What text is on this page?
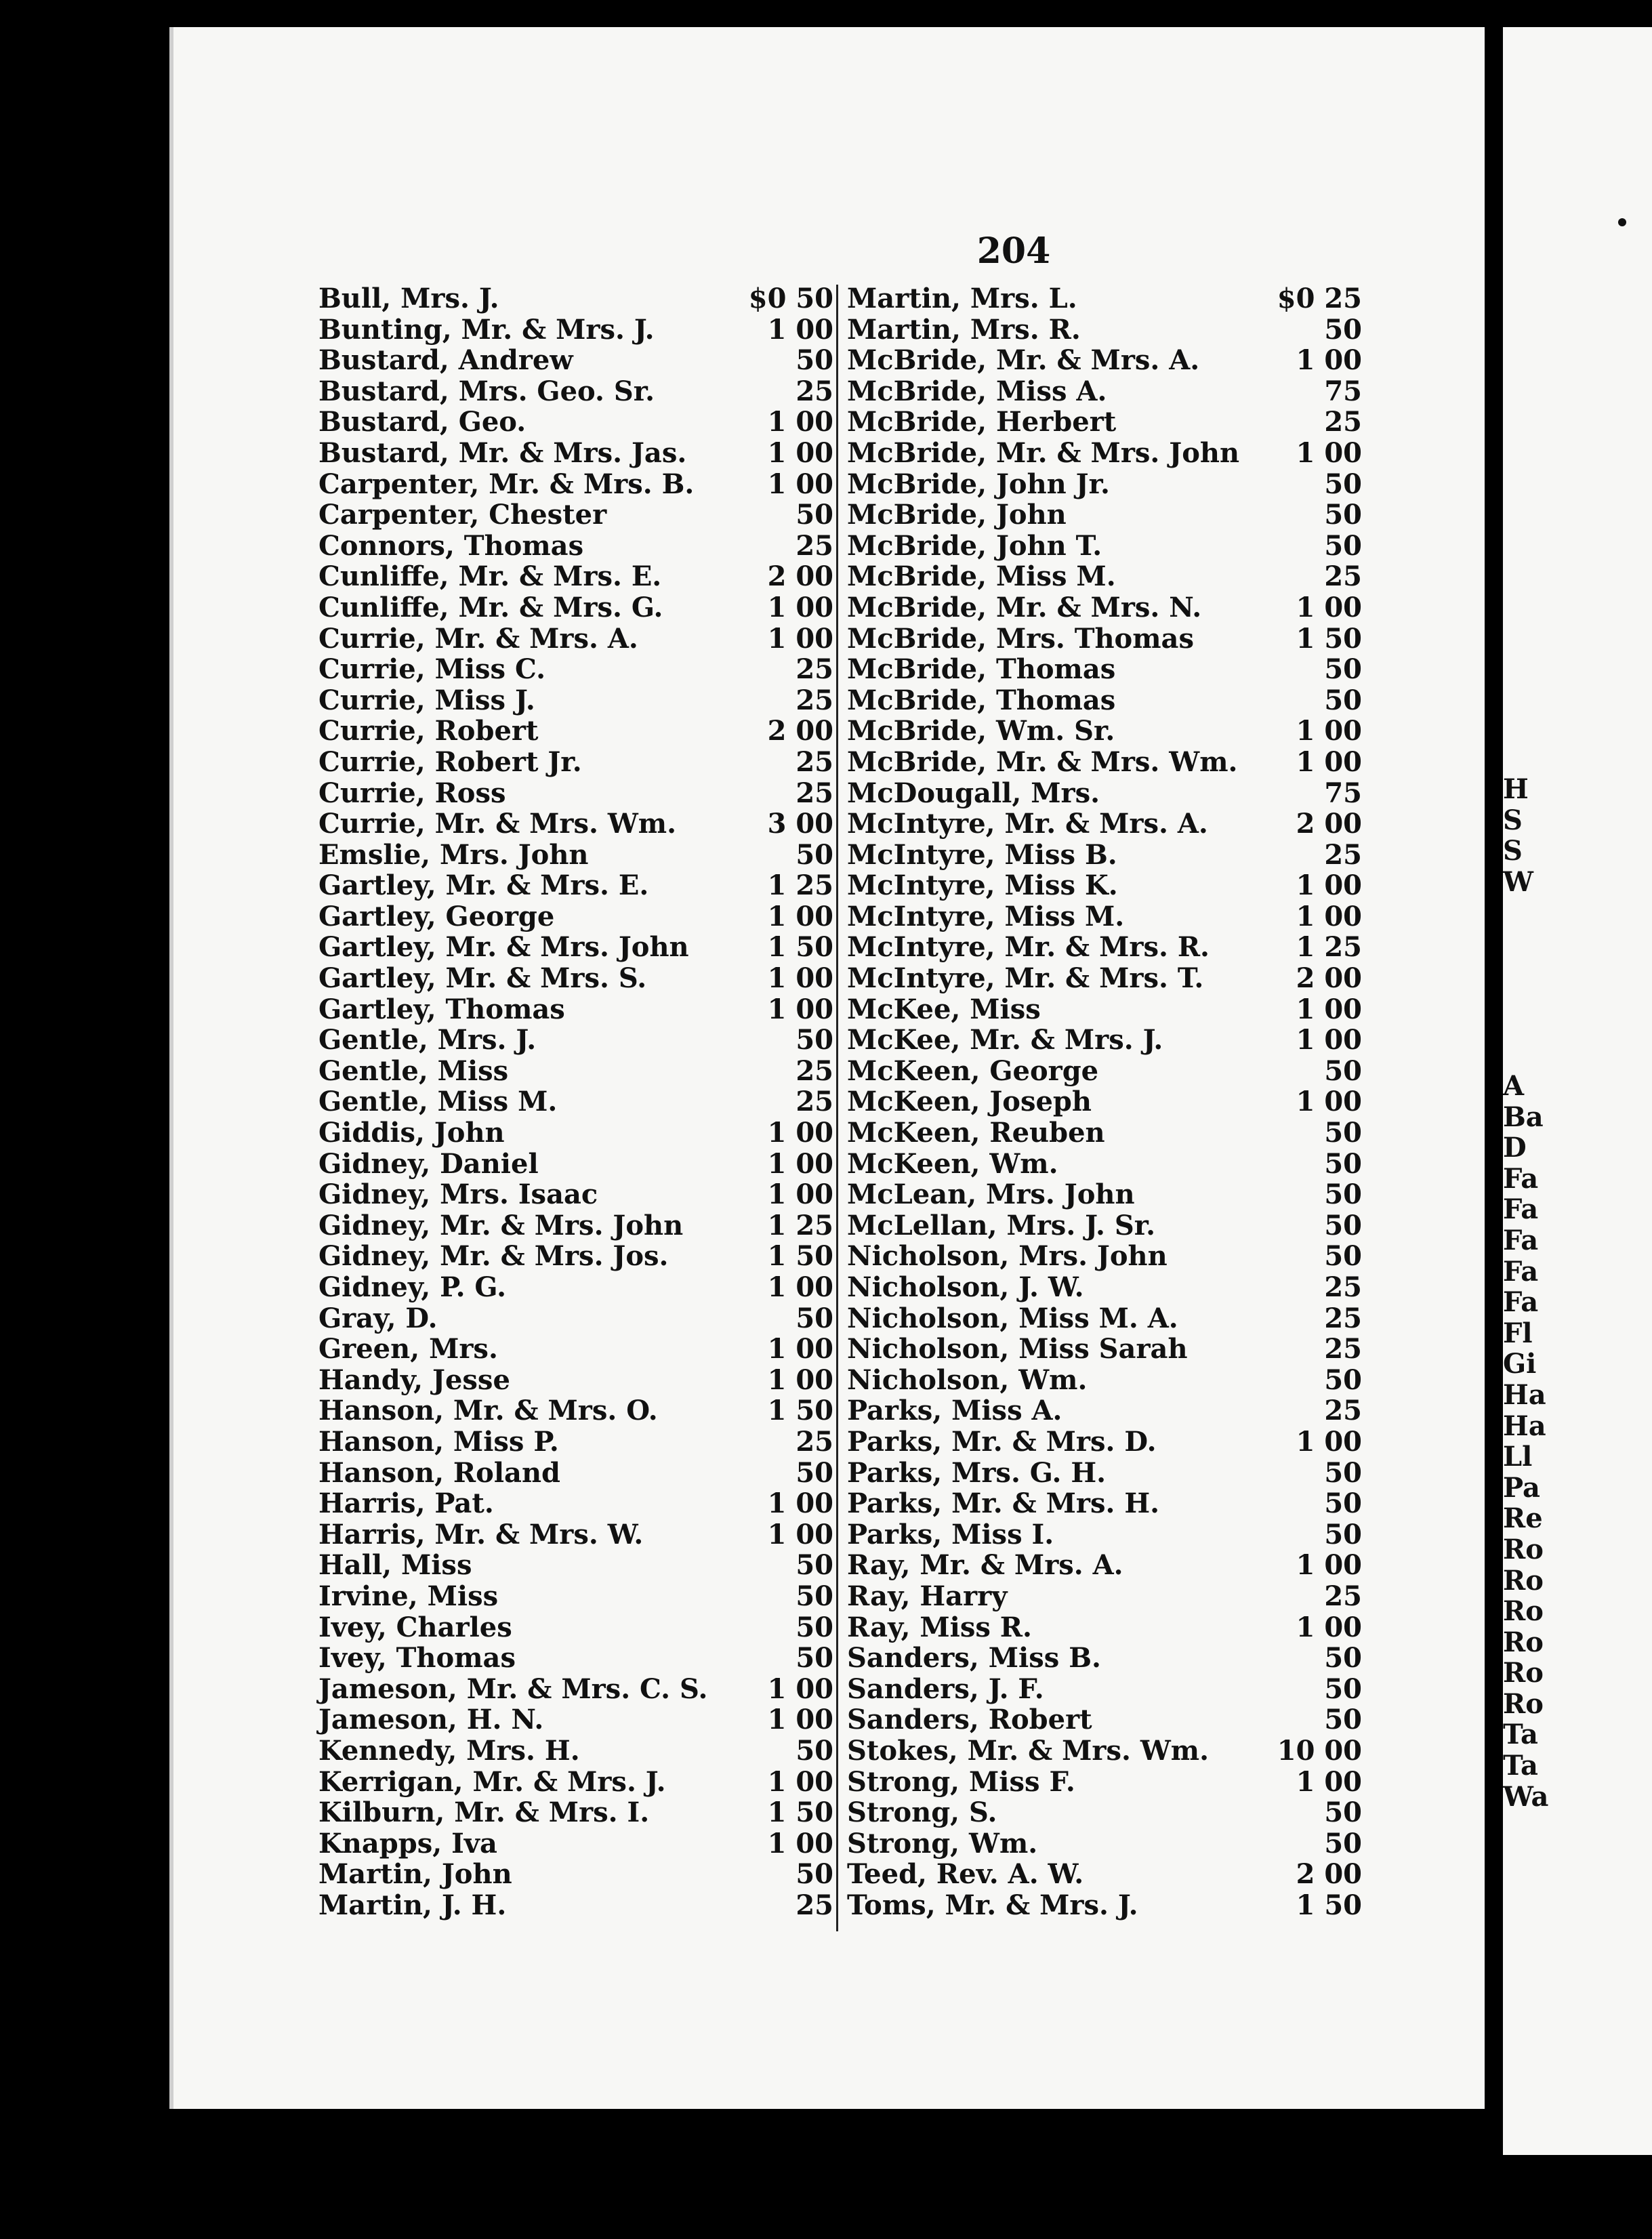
204
Bull, Mrs. J.	$0 50
Bunting, Mr. & Mrs. J.	1 00
Bustard, Andrew	50
Bustard, Mrs. Geo. Sr.	25
Bustard, Geo.	1 00
Bustard, Mr. & Mrs. Jas.	1 00
Carpenter, Mr. & Mrs. B.	1 00
Carpenter, Chester	50
Connors, Thomas	25
Cunliffe, Mr. & Mrs. E.	2 00
Cunliffe, Mr. & Mrs. G.	1 00
Currie, Mr. & Mrs. A.	1 00
Currie, Miss C.	25
Currie, Miss J.	25
Currie, Robert	2 00
Currie, Robert Jr.	25
Currie, Ross	25
Currie, Mr. & Mrs. Wm.	3 00
Emslie, Mrs. John	50
Gartley, Mr. & Mrs. E.	1 25
Gartley, George	1 00
Gartley, Mr. & Mrs. John	1 50
Gartley, Mr. & Mrs. S.	1 00
Gartley, Thomas	1 00
Gentle, Mrs. J.	50
Gentle, Miss	25
Gentle, Miss M.	25
Giddis, John	1 00
Gidney, Daniel	1 00
Gidney, Mrs. Isaac	1 00
Gidney, Mr. & Mrs. John	1 25
Gidney, Mr. & Mrs. Jos.	1 50
Gidney, P. G.	1 00
Gray, D.	50
Green, Mrs.	1 00
Handy, Jesse	1 00
Hanson, Mr. & Mrs. O.	1 50
Hanson, Miss P.	25
Hanson, Roland	50
Harris, Pat.	1 00
Harris, Mr. & Mrs. W.	1 00
Hall, Miss	50
Irvine, Miss	50
Ivey, Charles	50
Ivey, Thomas	50
Jameson, Mr. & Mrs. C. S. 1 00
Jameson, H. N.	1 00
Kennedy, Mrs. H.	50
Kerrigan, Mr. & Mrs. J.	1 00
Kilburn, Mr. & Mrs. I.	1 50
Knapps, Iva	1 00
Martin, John	50
Martin, J. H.	25
Martin, Mrs. L.	$0 25
Martin, Mrs. R.	50
McBride, Mr. & Mrs. A.	1 00
McBride, Miss A.	75
McBride, Herbert	25
McBride, Mr. & Mrs. John 1 00
McBride, John Jr.	50
McBride, John	50
McBride, John T.	50
McBride, Miss M.	25
McBride, Mr. & Mrs. N.	1 00
McBride, Mrs. Thomas	1 50
McBride, Thomas	50
McBride, Thomas	50
McBride, Wm. Sr.	1 00
McBride, Mr. & Mrs. Wm. 1 00
McDougall, Mrs.	75
McIntyre, Mr. & Mrs. A.	2 00
McIntyre, Miss B.	25
McIntyre, Miss K.	1 00
McIntyre, Miss M.	1 00
McIntyre, Mr. & Mrs. R.	1 25
McIntyre, Mr. & Mrs. T.	2 00
McKee, Miss	1 00
McKee, Mr. & Mrs. J.	1 00
McKeen, George	50
McKeen, Joseph	1 00
McKeen, Reuben	50
McKeen, Wm.	50
McLean, Mrs. John	50
McLellan, Mrs. J. Sr.	50
Nicholson, Mrs. John	50
Nicholson, J. W.	25
Nicholson, Miss M. A.	25
Nicholson, Miss Sarah	25
Nicholson, Wm.	50
Parks, Miss A.	25
Parks, Mr. & Mrs. D.	1 00
Parks, Mrs. G. H.	50
Parks, Mr. & Mrs. H.	50
Parks, Miss I.	50
Ray, Mr. & Mrs. A.	1 00
Ray, Harry	25
Ray, Miss R.	1 00
Sanders, Miss B.	50
Sanders, J. F.	50
Sanders, Robert	50
Stokes, Mr. & Mrs. Wm.	10 00
Strong, Miss F.	1 00
Strong, S.	50
Strong, Wm.	50
Teed, Rev. A. W.	2 00
Toms, Mr. & Mrs. J.	1 50
H
S
S
W
A
Ba
D
Fa
Fa
Fa
Fa
Fa
Fl
Gi
Ha
Ha
Ll
Pa
Re
Ro
Ro
Ro
Ro
Ro
Ro
Ta
Ta
Wa
